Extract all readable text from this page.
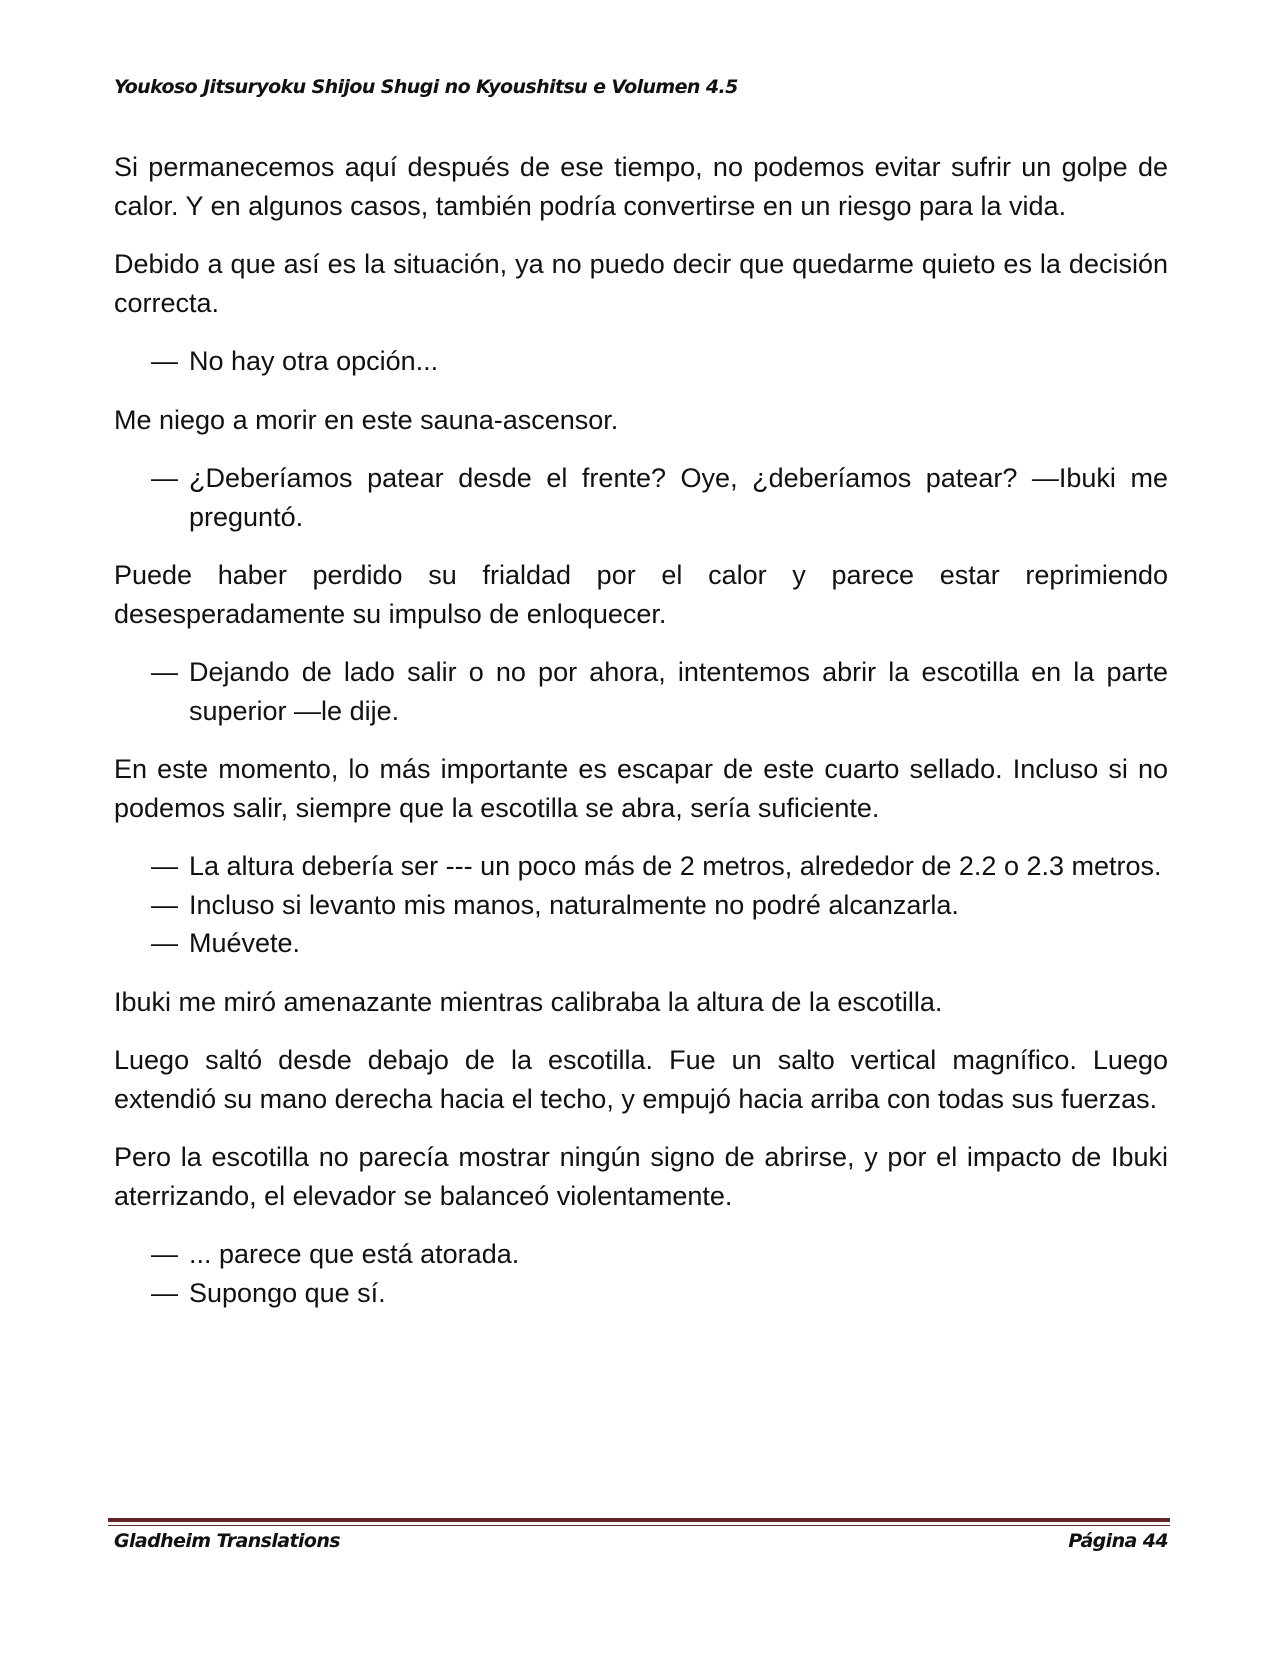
Youkoso Jitsuryoku Shijou Shugi no Kyoushitsu e Volumen 4.5

Si permanecemos aquí después de ese tiempo, no podemos evitar sufrir un golpe de calor. Y en algunos casos, también podría convertirse en un riesgo para la vida.

Debido a que así es la situación, ya no puedo decir que quedarme quieto es la decisión correcta.

— No hay otra opción...

Me niego a morir en este sauna-ascensor.

— ¿Deberíamos patear desde el frente? Oye, ¿deberíamos patear? —Ibuki me preguntó.

Puede haber perdido su frialdad por el calor y parece estar reprimiendo desesperadamente su impulso de enloquecer.

— Dejando de lado salir o no por ahora, intentemos abrir la escotilla en la parte superior —le dije.

En este momento, lo más importante es escapar de este cuarto sellado. Incluso si no podemos salir, siempre que la escotilla se abra, sería suficiente.

— La altura debería ser --- un poco más de 2 metros, alrededor de 2.2 o 2.3 metros.
— Incluso si levanto mis manos, naturalmente no podré alcanzarla.
— Muévete.

Ibuki me miró amenazante mientras calibraba la altura de la escotilla.

Luego saltó desde debajo de la escotilla. Fue un salto vertical magnífico. Luego extendió su mano derecha hacia el techo, y empujó hacia arriba con todas sus fuerzas.

Pero la escotilla no parecía mostrar ningún signo de abrirse, y por el impacto de Ibuki aterrizando, el elevador se balanceó violentamente.

— ... parece que está atorada.
— Supongo que sí.
Gladheim Translations	Página 44
